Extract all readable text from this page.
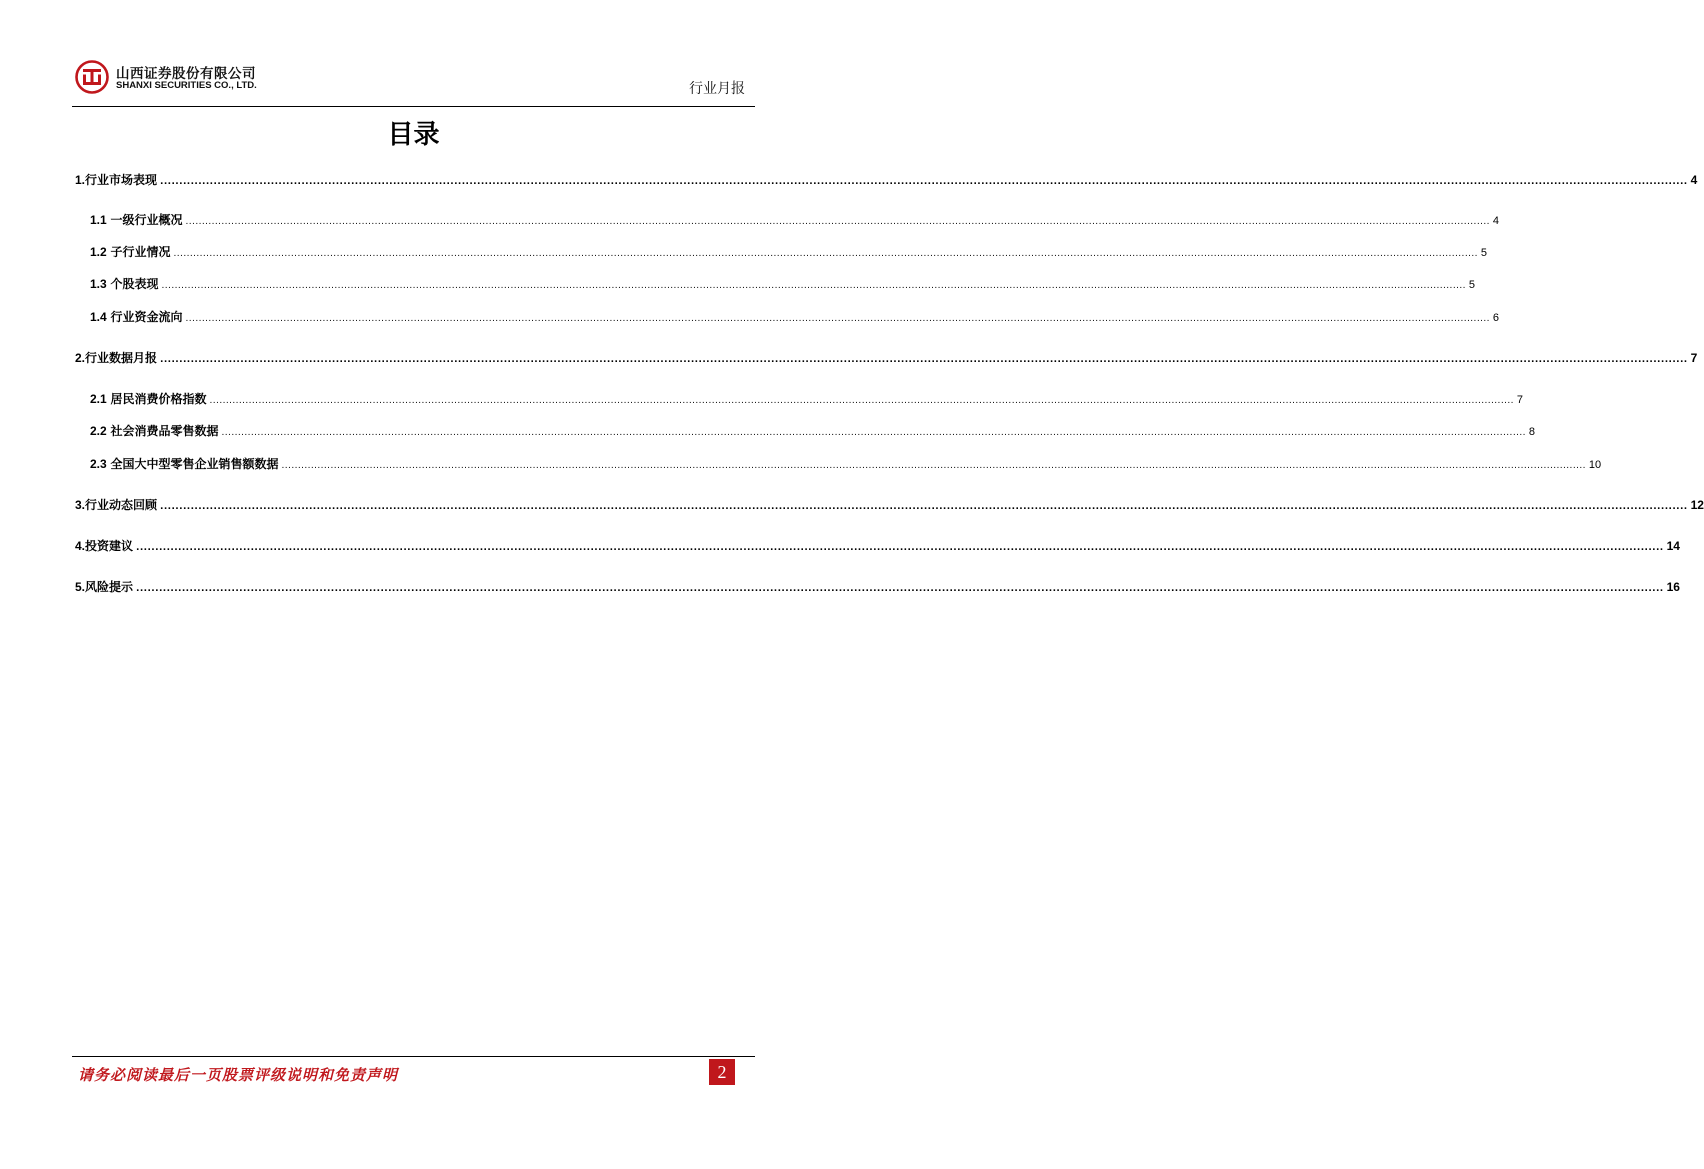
山西证券股份有限公司
SHANXI SECURITIES CO., LTD.	行业月报
目录
1. 行业市场表现 ................................................................................................................................................................................................................................................................................................................................................................................................................ 4
1.1
一级行业概况 ................................................................................................................................................................................................................................................................................................................................................................................................................ 4
1.2
子行业情况 ................................................................................................................................................................................................................................................................................................................................................................................................................ 5
1.3
个股表现 ................................................................................................................................................................................................................................................................................................................................................................................................................ 5
1.4
行业资金流向 ................................................................................................................................................................................................................................................................................................................................................................................................................ 6
2. 行业数据月报 ................................................................................................................................................................................................................................................................................................................................................................................................................ 7
2.1
居民消费价格指数 ................................................................................................................................................................................................................................................................................................................................................................................................................ 7
2.2
社会消费品零售数据 ................................................................................................................................................................................................................................................................................................................................................................................................................ 8
2.3
全国大中型零售企业销售额数据 ................................................................................................................................................................................................................................................................................................................................................................................................................ 10
3. 行业动态回顾 ................................................................................................................................................................................................................................................................................................................................................................................................................ 12
4. 投资建议 ................................................................................................................................................................................................................................................................................................................................................................................................................ 14
5. 风险提示 ................................................................................................................................................................................................................................................................................................................................................................................................................ 16
请务必阅读最后一页股票评级说明和免责声明	2
